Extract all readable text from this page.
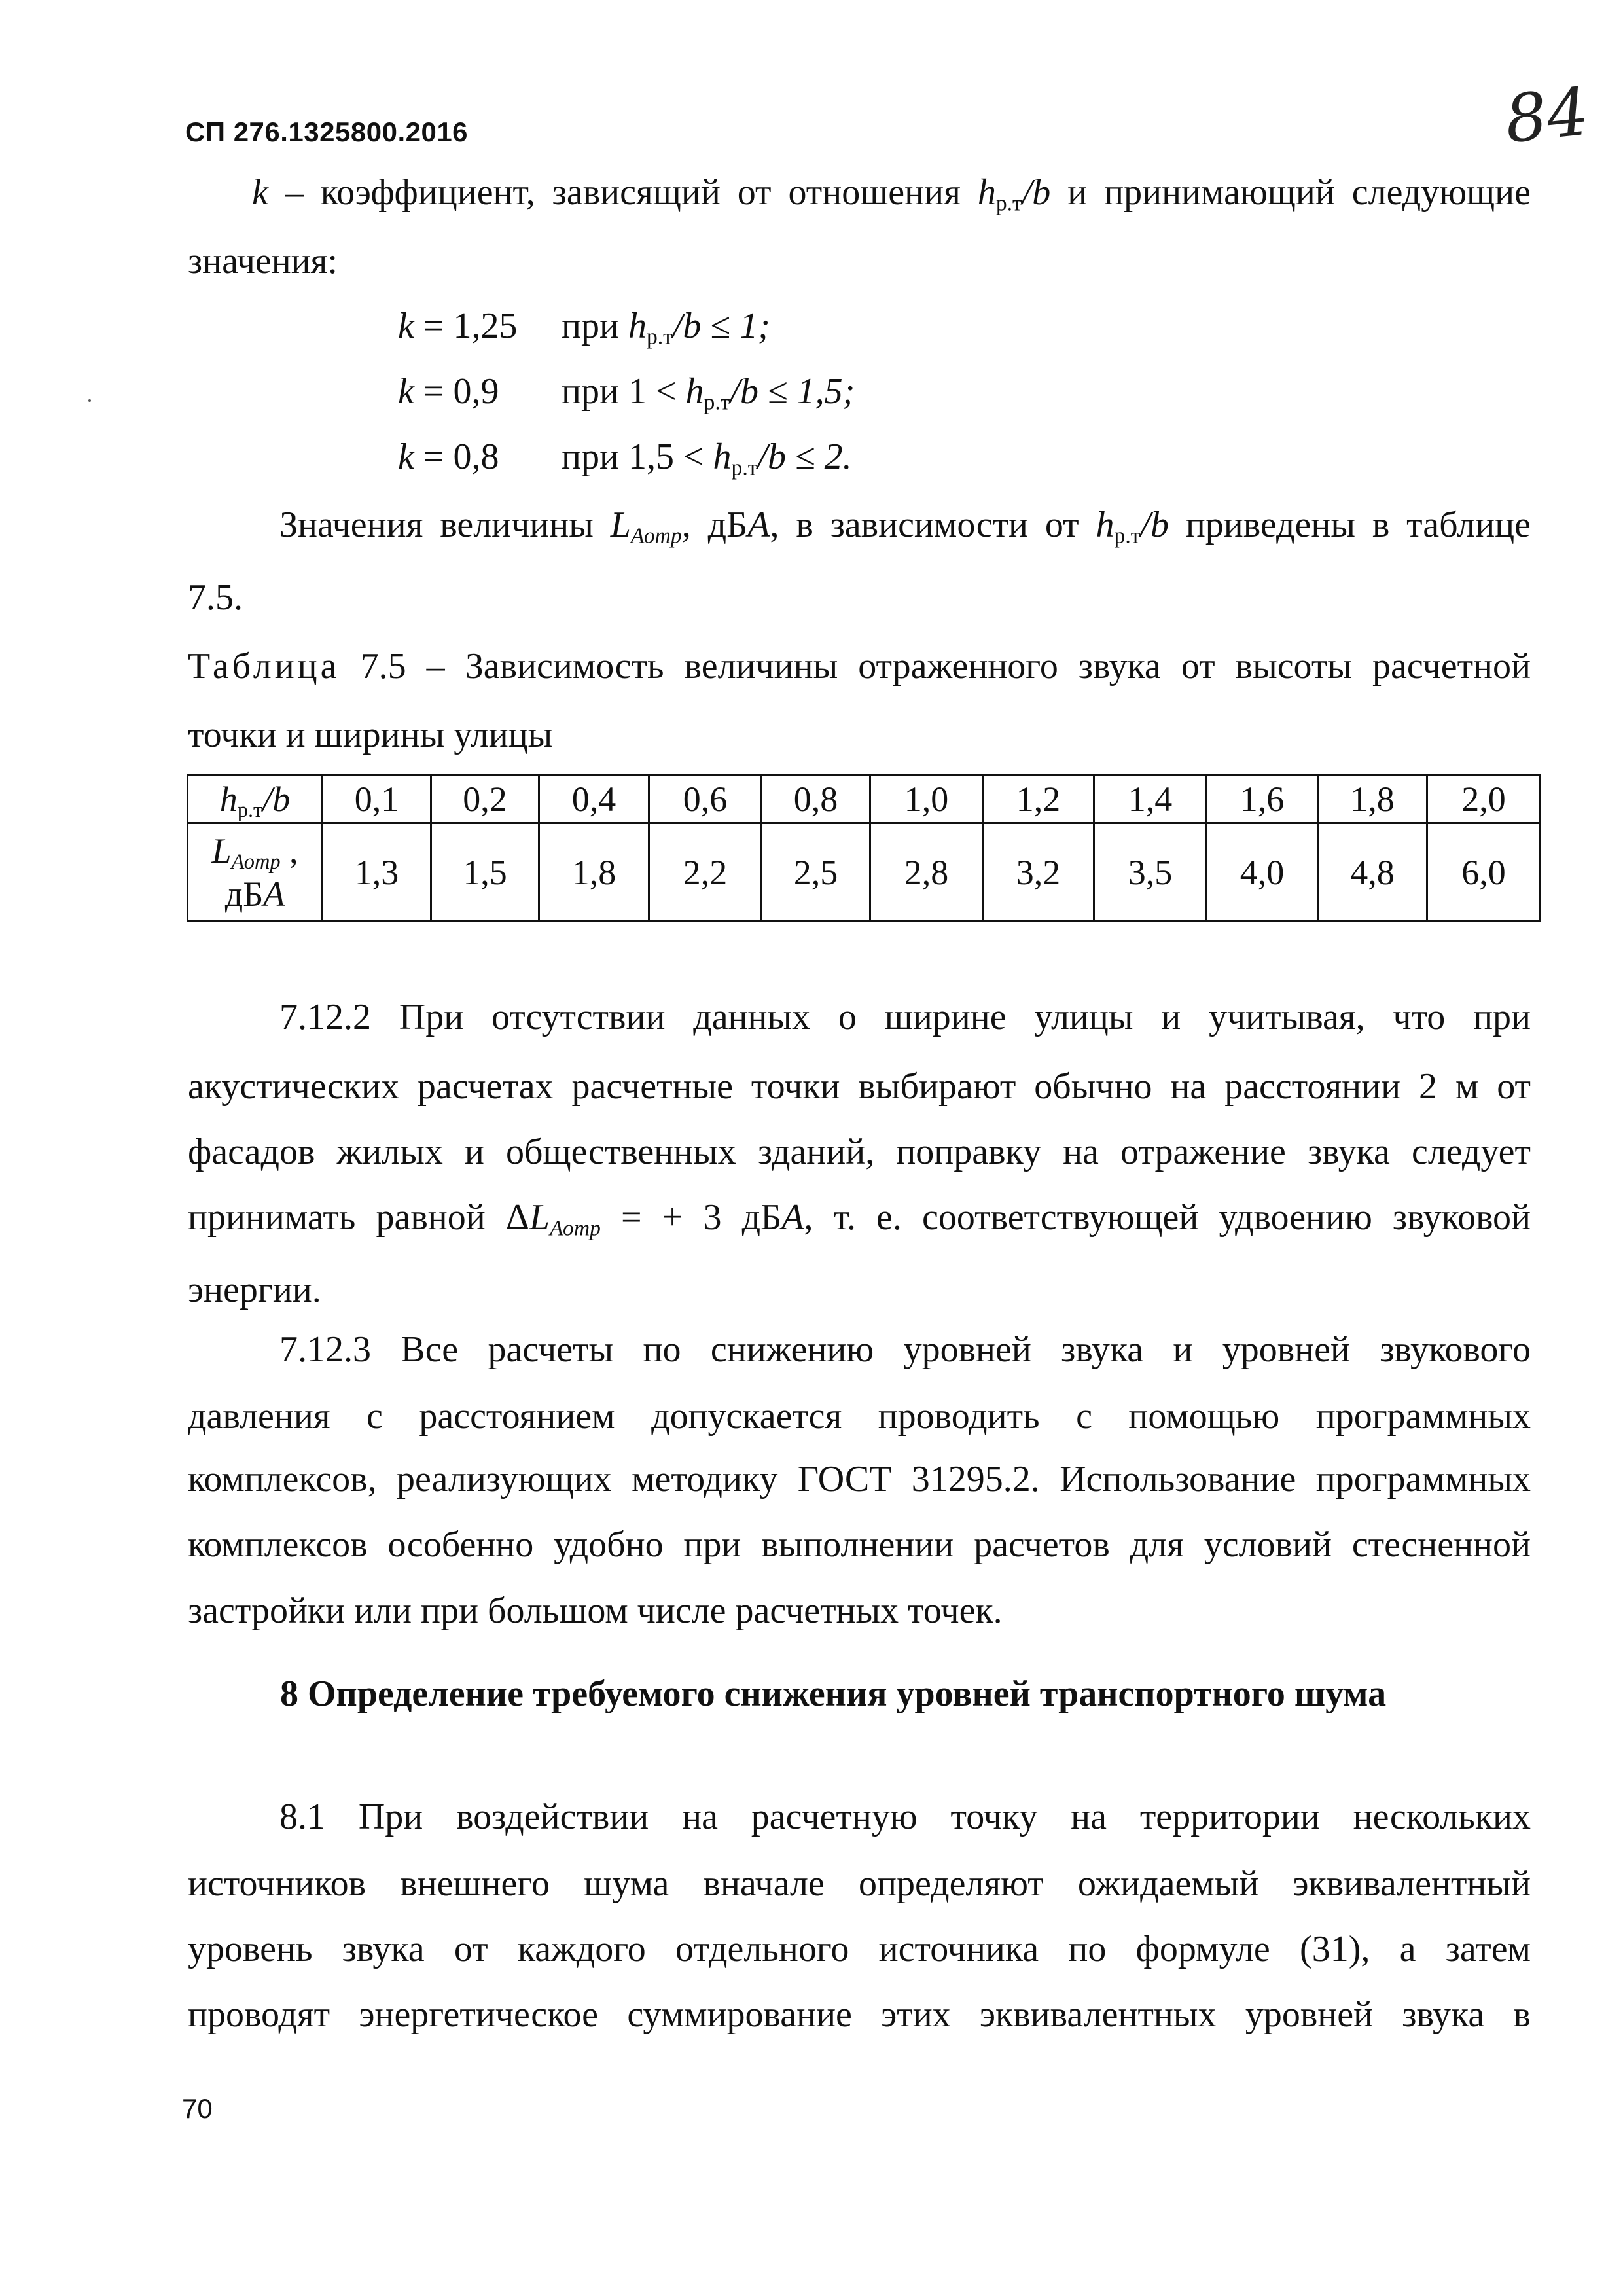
СП 276.1325800.2016	84
k – коэффициент, зависящий от отношения $h_{р.т}/b$ и принимающий следующие
значения:
k = 1,25 при $h_{р.т}/b \le 1$;
k = 0,9 при $1 < h_{р.т}/b \le 1,5$;
k = 0,8 при $1,5 < h_{р.т}/b \le 2$.
Значения величины $L_{Аотр}$, дБА, в зависимости от $h_{р.т}/b$ приведены в таблице
7.5.
Таблица 7.5 – Зависимость величины отраженного звука от высоты расчетной
точки и ширины улицы
$h_{р.т}/b$	0,1	0,2	0,4	0,6	0,8	1,0	1,2	1,4	1,6	1,8	2,0
$L_{Аотр}$ ,
дБА	1,3	1,5	1,8	2,2	2,5	2,8	3,2	3,5	4,0	4,8	6,0
7.12.2 При отсутствии данных о ширине улицы и учитывая, что при
акустических расчетах расчетные точки выбирают обычно на расстоянии 2 м от
фасадов жилых и общественных зданий, поправку на отражение звука следует
принимать равной $\Delta L_{Аотр}$ = + 3 дБА, т. е. соответствующей удвоению звуковой
энергии.
7.12.3 Все расчеты по снижению уровней звука и уровней звукового
давления с расстоянием допускается проводить с помощью программных
комплексов, реализующих методику ГОСТ 31295.2. Использование программных
комплексов особенно удобно при выполнении расчетов для условий стесненной
застройки или при большом числе расчетных точек.
8 Определение требуемого снижения уровней транспортного шума
8.1 При воздействии на расчетную точку на территории нескольких
источников внешнего шума вначале определяют ожидаемый эквивалентный
уровень звука от каждого отдельного источника по формуле (31), а затем
проводят энергетическое суммирование этих эквивалентных уровней звука в
70
